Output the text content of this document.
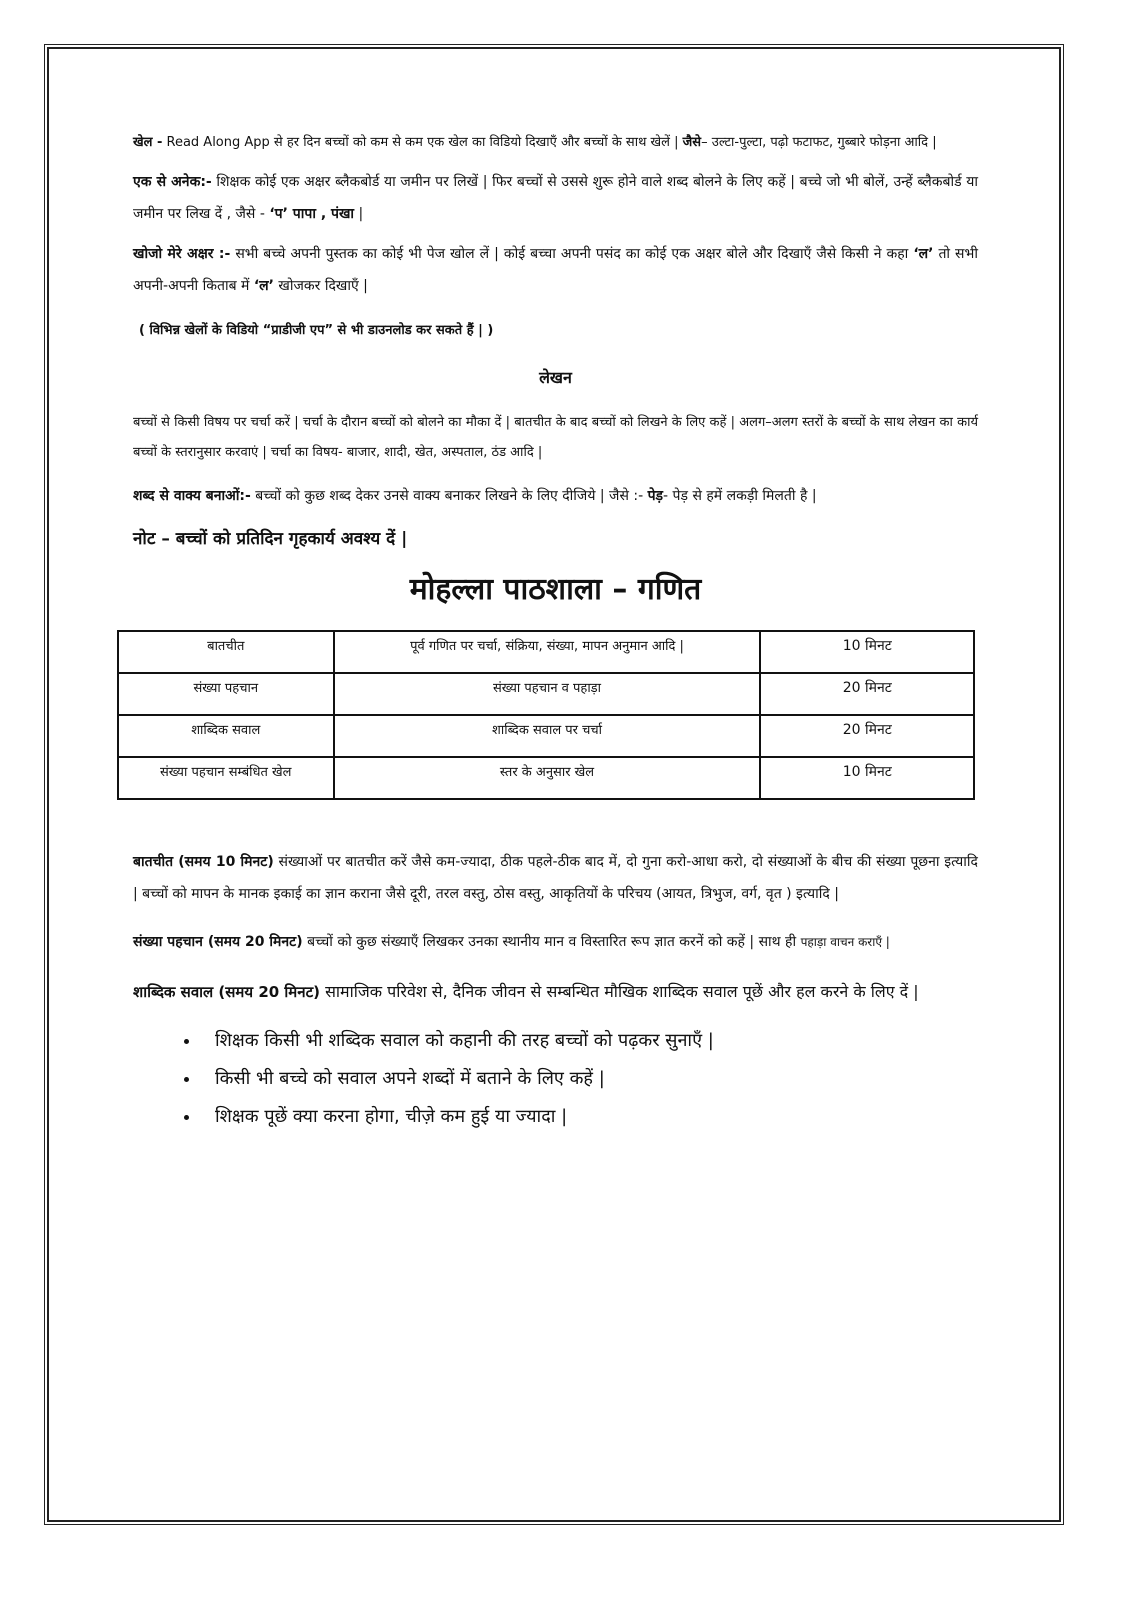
खेल - Read Along App से हर दिन बच्चों को कम से कम एक खेल का विडियो दिखाएँ और बच्चों के साथ खेलें | जैसे– उल्टा-पुल्टा, पढ़ो फटाफट, गुब्बारे फोड़ना आदि |

एक से अनेक:- शिक्षक कोई एक अक्षर ब्लैकबोर्ड या जमीन पर लिखें | फिर बच्चों से उससे शुरू होने वाले शब्द बोलने के लिए कहें | बच्चे जो भी बोलें, उन्हें ब्लैकबोर्ड या जमीन पर लिख दें , जैसे - ‘प’ पापा , पंखा |

खोजो मेरे अक्षर :- सभी बच्चे अपनी पुस्तक का कोई भी पेज खोल लें | कोई बच्चा अपनी पसंद का कोई एक अक्षर बोले और दिखाएँ जैसे किसी ने कहा ‘ल’ तो सभी अपनी-अपनी किताब में ‘ल’ खोजकर दिखाएँ |

( विभिन्न खेलों के विडियो “प्राडीजी एप” से भी डाउनलोड कर सकते हैं | )

लेखन

बच्चों से किसी विषय पर चर्चा करें | चर्चा के दौरान बच्चों को बोलने का मौका दें | बातचीत के बाद बच्चों को लिखने के लिए कहें | अलग–अलग स्तरों के बच्चों के साथ लेखन का कार्य बच्चों के स्तरानुसार करवाएं | चर्चा का विषय- बाजार, शादी, खेत, अस्पताल, ठंड आदि |

शब्द से वाक्य बनाओं:- बच्चों को कुछ शब्द देकर उनसे वाक्य बनाकर लिखने के लिए दीजिये | जैसे :- पेड़- पेड़ से हमें लकड़ी मिलती है |

नोट – बच्चों को प्रतिदिन गृहकार्य अवश्य दें |
मोहल्ला पाठशाला – गणित
बातचीत	पूर्व गणित पर चर्चा, संक्रिया, संख्या, मापन अनुमान आदि |	10 मिनट
संख्या पहचान	संख्या पहचान व पहाड़ा	20 मिनट
शाब्दिक सवाल	शाब्दिक सवाल पर चर्चा	20 मिनट
संख्या पहचान सम्बंधित खेल	स्तर के अनुसार खेल	10 मिनट

बातचीत (समय 10 मिनट) संख्याओं पर बातचीत करें जैसे कम-ज्यादा, ठीक पहले-ठीक बाद में, दो गुना करो-आधा करो, दो संख्याओं के बीच की संख्या पूछना इत्यादि | बच्चों को मापन के मानक इकाई का ज्ञान कराना जैसे दूरी, तरल वस्तु, ठोस वस्तु, आकृतियों के परिचय (आयत, त्रिभुज, वर्ग, वृत ) इत्यादि |

संख्या पहचान (समय 20 मिनट) बच्चों को कुछ संख्याएँ लिखकर उनका स्थानीय मान व विस्तारित रूप ज्ञात करनें को कहें | साथ ही पहाड़ा वाचन कराएँ |

शाब्दिक सवाल (समय 20 मिनट) सामाजिक परिवेश से, दैनिक जीवन से सम्बन्धित मौखिक शाब्दिक सवाल पूछें और हल करने के लिए दें |

• शिक्षक किसी भी शब्दिक सवाल को कहानी की तरह बच्चों को पढ़कर सुनाएँ |
• किसी भी बच्चे को सवाल अपने शब्दों में बताने के लिए कहें |
• शिक्षक पूछें क्या करना होगा, चीज़े कम हुई या ज्यादा |
